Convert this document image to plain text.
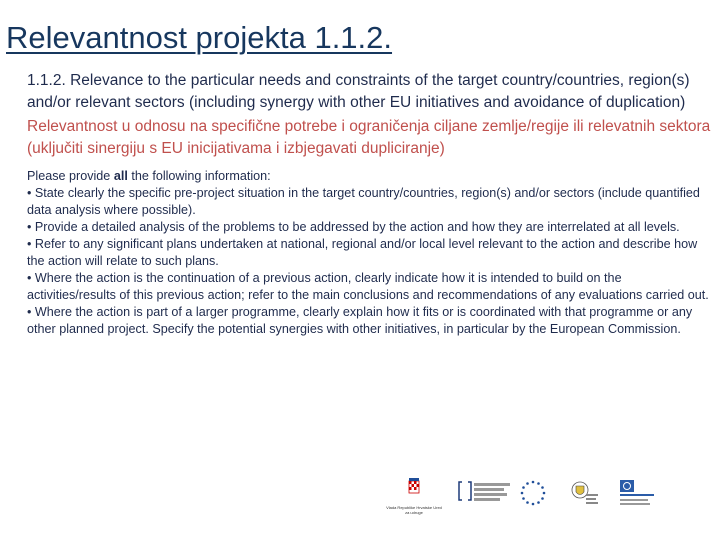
Relevantnost projekta 1.1.2.

1.1.2. Relevance to the particular needs and constraints of the target country/countries, region(s) and/or relevant sectors (including synergy with other EU initiatives and avoidance of duplication)

Relevantnost u odnosu na specifične potrebe i ograničenja ciljane zemlje/regije ili relevatnih sektora (uključiti sinergiju s EU inicijativama i izbjegavati dupliciranje)

Please provide all the following information:

• State clearly the specific pre-project situation in the target country/countries, region(s) and/or sectors (include quantified data analysis where possible).

• Provide a detailed analysis of the problems to be addressed by the action and how they are interrelated at all levels.

• Refer to any significant plans undertaken at national, regional and/or local level relevant to the action and describe how the action will relate to such plans.

• Where the action is the continuation of a previous action, clearly indicate how it is intended to build on the activities/results of this previous action; refer to the main conclusions and recommendations of any evaluations carried out.

• Where the action is part of a larger programme, clearly explain how it fits or is coordinated with that programme or any other planned project. Specify the potential synergies with other initiatives, in particular by the European Commission.

Vlada Republike Hrvatske Ured za udruge
